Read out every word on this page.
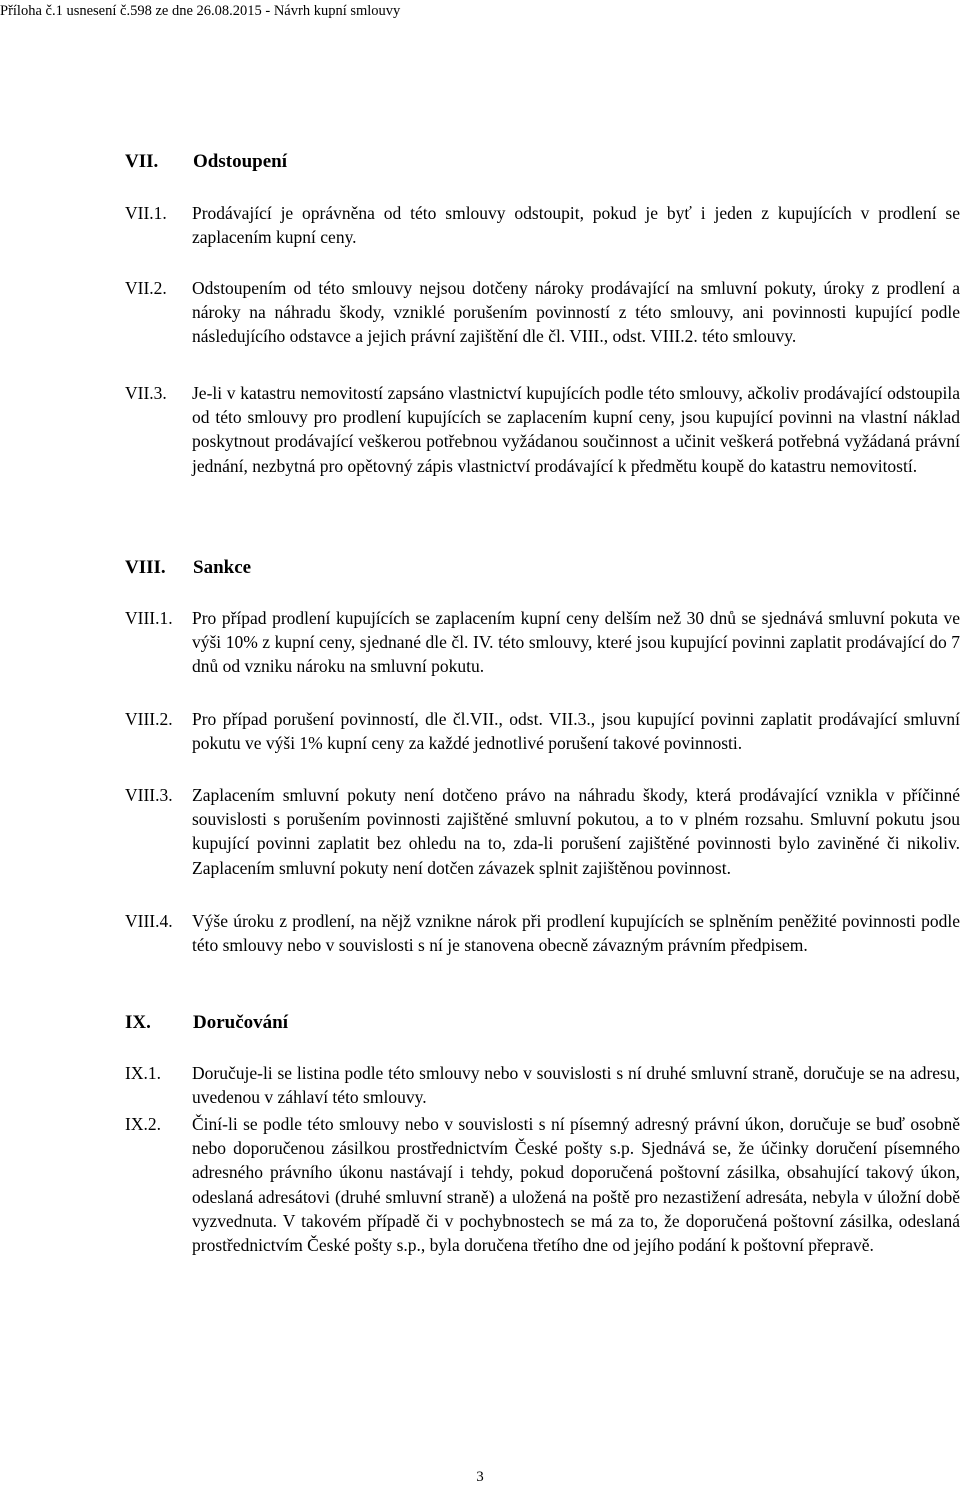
Příloha č.1 usnesení č.598 ze dne 26.08.2015 - Návrh kupní smlouvy
VII. Odstoupení
VII.1. Prodávající je oprávněna od této smlouvy odstoupit, pokud je byť i jeden z kupujících v prodlení se zaplacením kupní ceny.
VII.2. Odstoupením od této smlouvy nejsou dotčeny nároky prodávající na smluvní pokuty, úroky z prodlení a nároky na náhradu škody, vzniklé porušením povinností z této smlouvy, ani povinnosti kupující podle následujícího odstavce a jejich právní zajištění dle čl. VIII., odst. VIII.2. této smlouvy.
VII.3. Je-li v katastru nemovitostí zapsáno vlastnictví kupujících podle této smlouvy, ačkoliv prodávající odstoupila od této smlouvy pro prodlení kupujících se zaplacením kupní ceny, jsou kupující povinni na vlastní náklad poskytnout prodávající veškerou potřebnou vyžádanou součinnost a učinit veškerá potřebná vyžádaná právní jednání, nezbytná pro opětovný zápis vlastnictví prodávající k předmětu koupě do katastru nemovitostí.
VIII. Sankce
VIII.1. Pro případ prodlení kupujících se zaplacením kupní ceny delším než 30 dnů se sjednává smluvní pokuta ve výši 10% z kupní ceny, sjednané dle čl. IV. této smlouvy, které jsou kupující povinni zaplatit prodávající do 7 dnů od vzniku nároku na smluvní pokutu.
VIII.2. Pro případ porušení povinností, dle čl.VII., odst. VII.3., jsou kupující povinni zaplatit prodávající smluvní pokutu ve výši 1% kupní ceny za každé jednotlivé porušení takové povinnosti.
VIII.3. Zaplacením smluvní pokuty není dotčeno právo na náhradu škody, která prodávající vznikla v příčinné souvislosti s porušením povinnosti zajištěné smluvní pokutou, a to v plném rozsahu. Smluvní pokutu jsou kupující povinni zaplatit bez ohledu na to, zda-li porušení zajištěné povinnosti bylo zaviněné či nikoliv. Zaplacením smluvní pokuty není dotčen závazek splnit zajištěnou povinnost.
VIII.4. Výše úroku z prodlení, na nějž vznikne nárok při prodlení kupujících se splněním peněžité povinnosti podle této smlouvy nebo v souvislosti s ní je stanovena obecně závazným právním předpisem.
IX. Doručování
IX.1. Doručuje-li se listina podle této smlouvy nebo v souvislosti s ní druhé smluvní straně, doručuje se na adresu, uvedenou v záhlaví této smlouvy.
IX.2. Činí-li se podle této smlouvy nebo v souvislosti s ní písemný adresný právní úkon, doručuje se buď osobně nebo doporučenou zásilkou prostřednictvím České pošty s.p. Sjednává se, že účinky doručení písemného adresného právního úkonu nastávají i tehdy, pokud doporučená poštovní zásilka, obsahující takový úkon, odeslaná adresátovi (druhé smluvní straně) a uložená na poště pro nezastižení adresáta, nebyla v úložní době vyzvednuta. V takovém případě či v pochybnostech se má za to, že doporučená poštovní zásilka, odeslaná prostřednictvím České pošty s.p., byla doručena třetího dne od jejího podání k poštovní přepravě.
3
